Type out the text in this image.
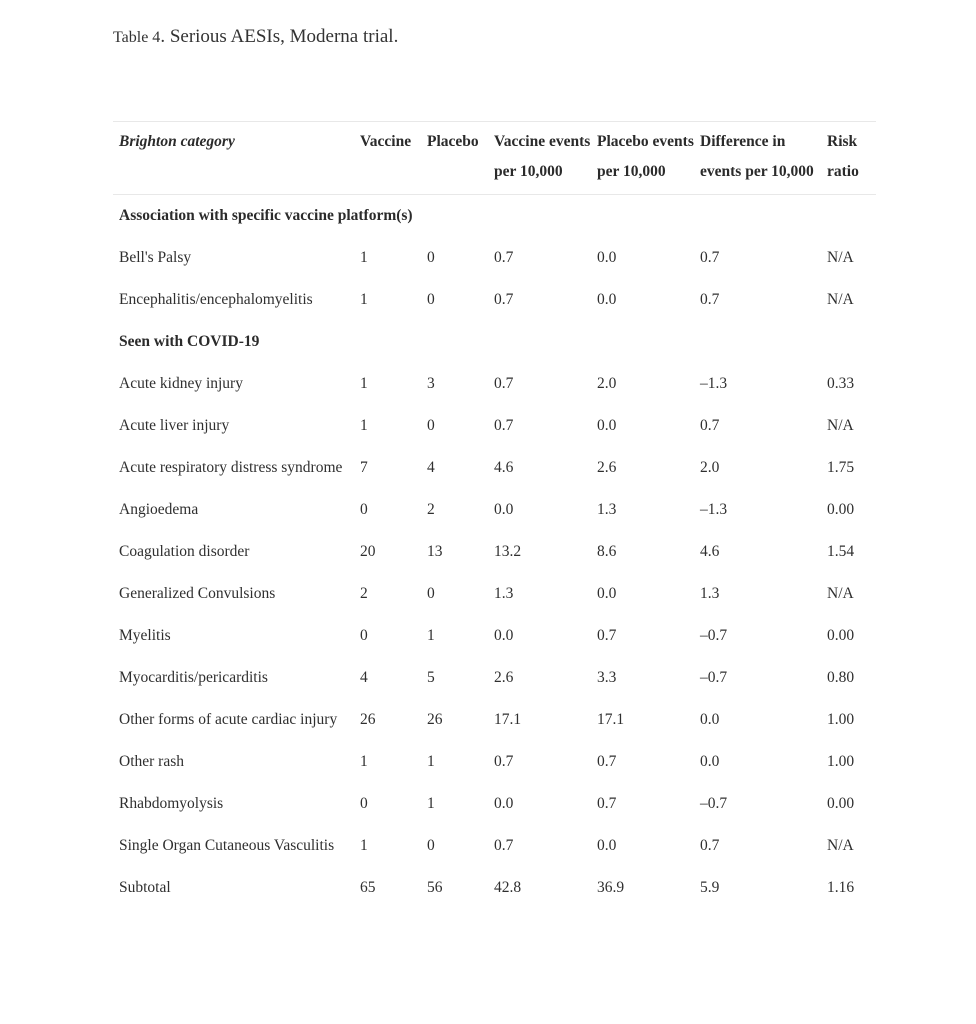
Table 4. Serious AESIs, Moderna trial.
Brighton category	Vaccine	Placebo	Vaccine events per 10,000	Placebo events per 10,000	Difference in events per 10,000	Risk ratio
Association with specific vaccine platform(s)						
Bell's Palsy	1	0	0.7	0.0	0.7	N/A
Encephalitis/encephalomyelitis	1	0	0.7	0.0	0.7	N/A
Seen with COVID-19						
Acute kidney injury	1	3	0.7	2.0	–1.3	0.33
Acute liver injury	1	0	0.7	0.0	0.7	N/A
Acute respiratory distress syndrome	7	4	4.6	2.6	2.0	1.75
Angioedema	0	2	0.0	1.3	–1.3	0.00
Coagulation disorder	20	13	13.2	8.6	4.6	1.54
Generalized Convulsions	2	0	1.3	0.0	1.3	N/A
Myelitis	0	1	0.0	0.7	–0.7	0.00
Myocarditis/pericarditis	4	5	2.6	3.3	–0.7	0.80
Other forms of acute cardiac injury	26	26	17.1	17.1	0.0	1.00
Other rash	1	1	0.7	0.7	0.0	1.00
Rhabdomyolysis	0	1	0.0	0.7	–0.7	0.00
Single Organ Cutaneous Vasculitis	1	0	0.7	0.0	0.7	N/A
Subtotal	65	56	42.8	36.9	5.9	1.16
